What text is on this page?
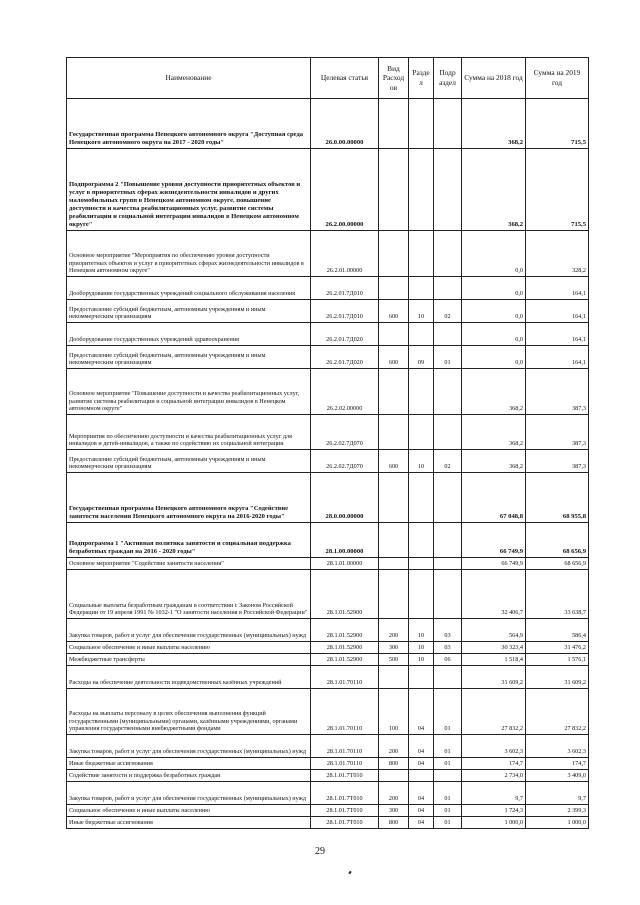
Наименование	Целевая статья	Вид Расход ов	Разде л	Подр аздел	Сумма на 2018 год	Сумма на 2019 год
Государственная программа Ненецкого автономного округа "Доступная среда Ненецкого автономного округа на 2017 - 2020 годы"	26.0.00.00000				368,2	715,5
Подпрограмма 2 "Повышение уровня доступности приоритетных объектов и услуг в приоритетных сферах жизнедеятельности инвалидов и других маломобильных групп в Ненецком автономном округе, повышение доступности и качества реабилитационных услуг, развитие системы реабилитации и социальной интеграции инвалидов в Ненецком автономном округе"	26.2.00.00000				368,2	715,5
Основное мероприятие "Мероприятия по обеспечению уровня доступности приоритетных объектов и услуг в приоритетных сферах жизнедеятельности инвалидов в Ненецком автономном округе"	26.2.01.00000				0,0	328,2
Дооборудование государственных учреждений социального обслуживания населения	26.2.01.7Д010				0,0	164,1
Предоставление субсидий бюджетным, автономным учреждениям и иным некоммерческим организациям	26.2.01.7Д010	600	10	02	0,0	164,1
Дооборудование государственных учреждений здравоохранения	26.2.01.7Д020				0,0	164,1
Предоставление субсидий бюджетным, автономным учреждениям и иным некоммерческим организациям	26.2.01.7Д020	600	09	01	0,0	164,1
Основное мероприятие "Повышение доступности и качества реабилитационных услуг, развитие системы реабилитации и социальной интеграции инвалидов в Ненецком автономном округе"	26.2.02.00000				368,2	387,3
Мероприятия по обеспечению доступности и качества реабилитационных услуг для инвалидов и детей-инвалидов, а также по содействию их социальной интеграции	26.2.02.7Д070				368,2	387,3
Предоставление субсидий бюджетным, автономным учреждениям и иным некоммерческим организациям	26.2.02.7Д070	600	10	02	368,2	387,3
Государственная программа Ненецкого автономного округа "Содействие занятости населения Ненецкого автономного округа на 2016-2020 годы"	28.0.00.00000				67 048,8	68 955,8
Подпрограмма 1 "Активная политика занятости и социальная поддержка безработных граждан на 2016 - 2020 годы"	28.1.00.00000				66 749,9	68 656,9
Основное мероприятие "Содействие занятости населения"	28.1.01.00000				66 749,9	68 656,9
Социальные выплаты безработным гражданам в соответствии с Законом Российской Федерации от 19 апреля 1991 № 1032-1 "О занятости населения в Российской Федерации"	28.1.01.52900				32 406,7	33 638,7
Закупка товаров, работ и услуг для обеспечения государственных (муниципальных) нужд	28.1.01.52900	200	10	03	564,9	586,4
Социальное обеспечение и иные выплаты населению	28.1.01.52900	300	10	03	30 323,4	31 476,2
Межбюджетные трансферты	28.1.01.52900	500	10	06	1 518,4	1 576,1
Расходы на обеспечение деятельности подведомственных казённых учреждений	28.1.01.70110				31 609,2	31 609,2
Расходы на выплаты персоналу в целях обеспечения выполнения функций государственными (муниципальными) органами, казёнными учреждениями, органами управления государственными внебюджетными фондами	28.1.01.70110	100	04	01	27 832,2	27 832,2
Закупка товаров, работ и услуг для обеспечения государственных (муниципальных) нужд	28.1.01.70110	200	04	01	3 602,3	3 602,3
Иные бюджетные ассигнования	28.1.01.70110	800	04	01	174,7	174,7
Содействие занятости и поддержка безработных граждан	28.1.01.7Т010				2 734,0	3 409,0
Закупка товаров, работ и услуг для обеспечения государственных (муниципальных) нужд	28.1.01.7Т010	200	04	01	9,7	9,7
Социальное обеспечение и иные выплаты населению	28.1.01.7Т010	300	04	01	1 724,3	2 399,3
Иные бюджетные ассигнования	28.1.01.7Т010	800	04	01	1 000,0	1 000,0
29
